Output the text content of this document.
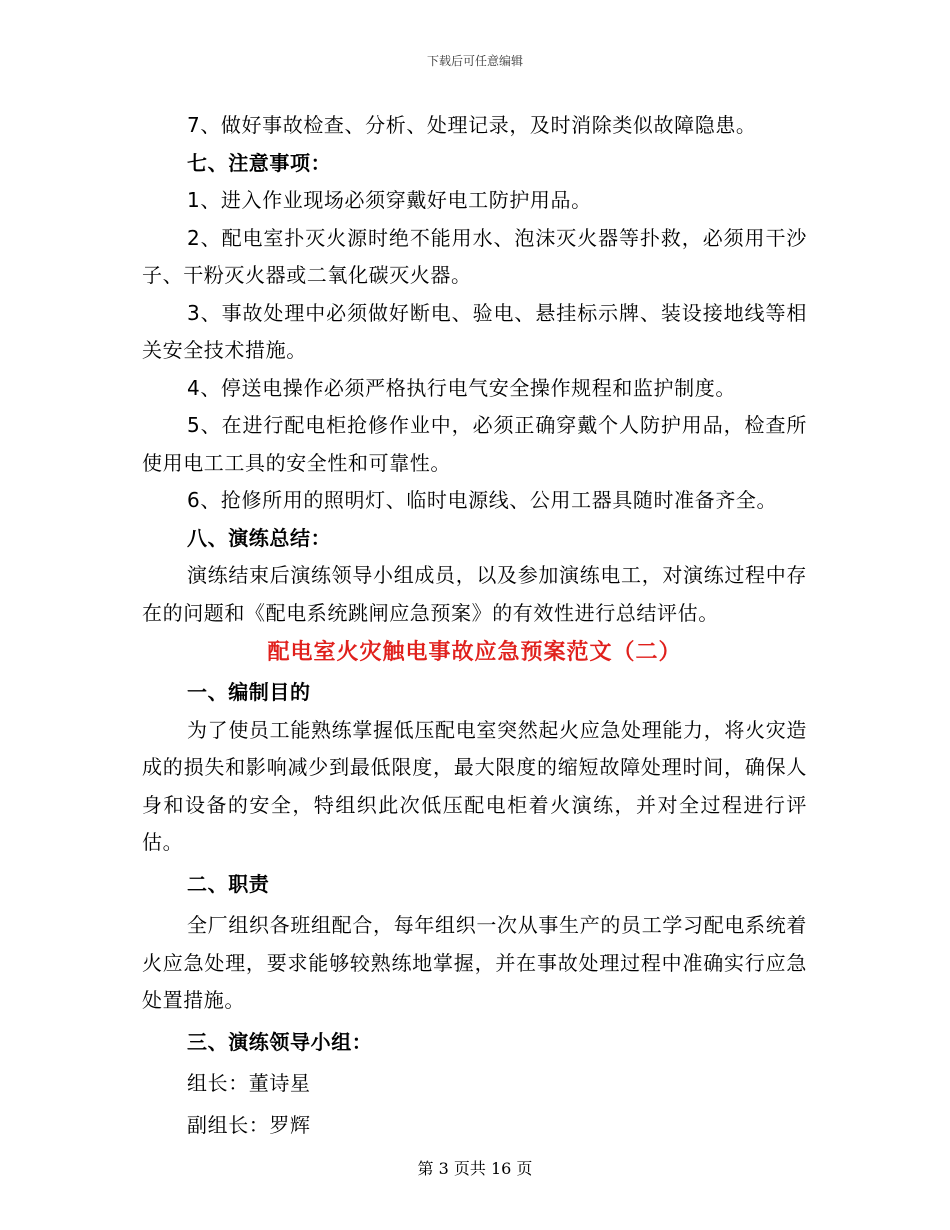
下载后可任意编辑

7、做好事故检查、分析、处理记录，及时消除类似故障隐患。

七、注意事项：

1、进入作业现场必须穿戴好电工防护用品。

2、配电室扑灭火源时绝不能用水、泡沫灭火器等扑救，必须用干沙子、干粉灭火器或二氧化碳灭火器。

3、事故处理中必须做好断电、验电、悬挂标示牌、装设接地线等相关安全技术措施。

4、停送电操作必须严格执行电气安全操作规程和监护制度。

5、在进行配电柜抢修作业中，必须正确穿戴个人防护用品，检查所使用电工工具的安全性和可靠性。

6、抢修所用的照明灯、临时电源线、公用工器具随时准备齐全。

八、演练总结：

演练结束后演练领导小组成员，以及参加演练电工，对演练过程中存在的问题和《配电系统跳闸应急预案》的有效性进行总结评估。

配电室火灾触电事故应急预案范文（二）

一、编制目的

为了使员工能熟练掌握低压配电室突然起火应急处理能力，将火灾造成的损失和影响减少到最低限度，最大限度的缩短故障处理时间，确保人身和设备的安全，特组织此次低压配电柜着火演练，并对全过程进行评估。

二、职责

全厂组织各班组配合，每年组织一次从事生产的员工学习配电系统着火应急处理，要求能够较熟练地掌握，并在事故处理过程中准确实行应急处置措施。

三、演练领导小组：

组长：董诗星

副组长：罗辉

第 3 页共 16 页
